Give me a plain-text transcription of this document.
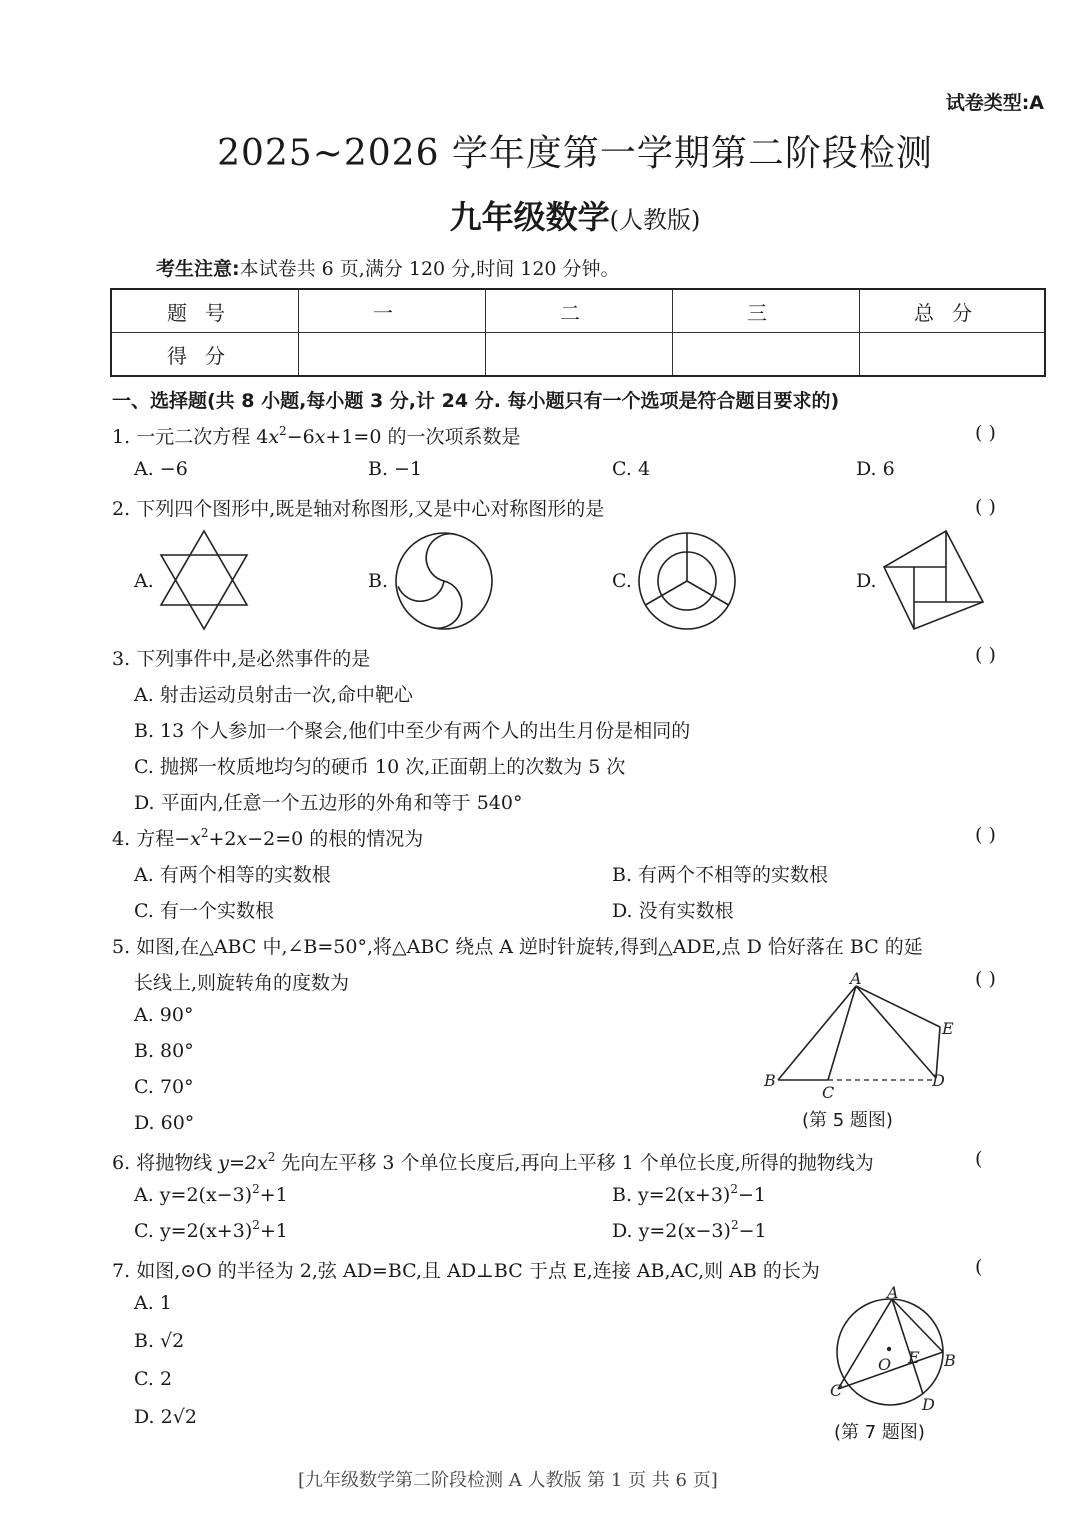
试卷类型:A
2025~2026 学年度第一学期第二阶段检测
九年级数学(人教版)
考生注意:本试卷共 6 页,满分 120 分,时间 120 分钟。
题号	一	二	三	总分
得分				
一、选择题(共 8 小题,每小题 3 分,计 24 分. 每小题只有一个选项是符合题目要求的)
1. 一元二次方程 $4x^2-6x+1=0$ 的一次项系数是	( )
A. −6	B. −1	C. 4	D. 6
2. 下列四个图形中,既是轴对称图形,又是中心对称图形的是	( )
A.	B.	C.	D.
3. 下列事件中,是必然事件的是	( )
A. 射击运动员射击一次,命中靶心
B. 13 个人参加一个聚会,他们中至少有两个人的出生月份是相同的
C. 抛掷一枚质地均匀的硬币 10 次,正面朝上的次数为 5 次
D. 平面内,任意一个五边形的外角和等于 540°
4. 方程$-x^2+2x-2=0$ 的根的情况为	( )
A. 有两个相等的实数根	B. 有两个不相等的实数根
C. 有一个实数根	D. 没有实数根
5. 如图,在△ABC 中,∠B=50°,将△ABC 绕点 A 逆时针旋转,得到△ADE,点 D 恰好落在 BC 的延
长线上,则旋转角的度数为	( )
A. 90°
B. 80°
C. 70°
D. 60°
A
B
C
D
E
(第 5 题图)
6. 将抛物线 $y=2x^2$ 先向左平移 3 个单位长度后,再向上平移 1 个单位长度,所得的抛物线为	(
A. $y=2(x-3)^2+1$	B. $y=2(x+3)^2-1$
C. $y=2(x+3)^2+1$	D. $y=2(x-3)^2-1$
7. 如图,⊙O 的半径为 2,弦 AD=BC,且 AD⊥BC 于点 E,连接 AB,AC,则 AB 的长为	(
A. 1
B. √2
C. 2
D. 2√2
A
B
C
D
E
O
(第 7 题图)
[九年级数学第二阶段检测 A 人教版 第 1 页 共 6 页]
